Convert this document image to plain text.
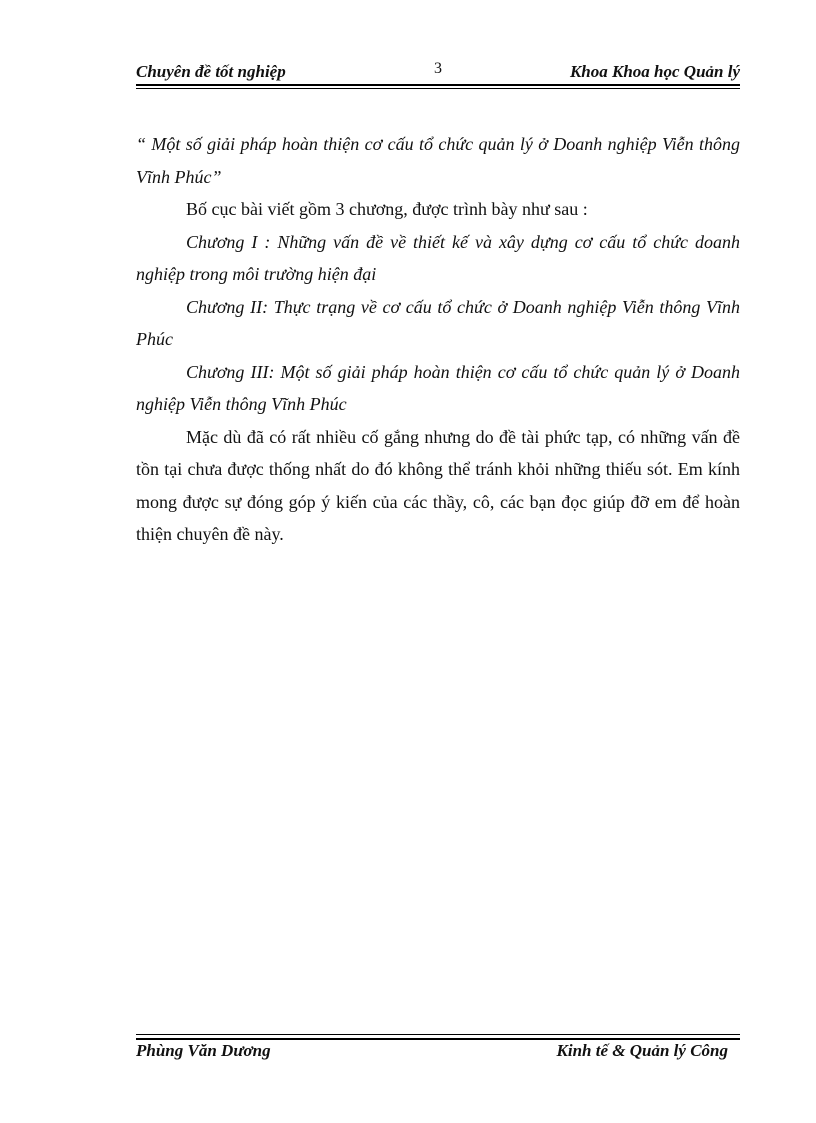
Chuyên đề tốt nghiệp	3	Khoa Khoa học Quản lý

“ Một số giải pháp hoàn thiện cơ cấu tổ chức quản lý ở Doanh nghiệp Viễn thông Vĩnh Phúc”

Bố cục bài viết gồm 3 chương, được trình bày như sau :

Chương I : Những vấn đề về thiết kế và xây dựng cơ cấu tổ chức doanh nghiệp trong môi trường hiện đại

Chương II: Thực trạng về cơ cấu tổ chức ở Doanh nghiệp Viễn thông Vĩnh Phúc

Chương III: Một số giải pháp hoàn thiện cơ cấu tổ chức quản lý ở Doanh nghiệp Viễn thông Vĩnh Phúc

Mặc dù đã có rất nhiều cố gắng nhưng do đề tài phức tạp, có những vấn đề tồn tại chưa được thống nhất do đó không thể tránh khỏi những thiếu sót. Em kính mong được sự đóng góp ý kiến của các thầy, cô, các bạn đọc giúp đỡ em để hoàn thiện chuyên đề này.

Phùng Văn Dương	Kinh tế & Quản lý Công
